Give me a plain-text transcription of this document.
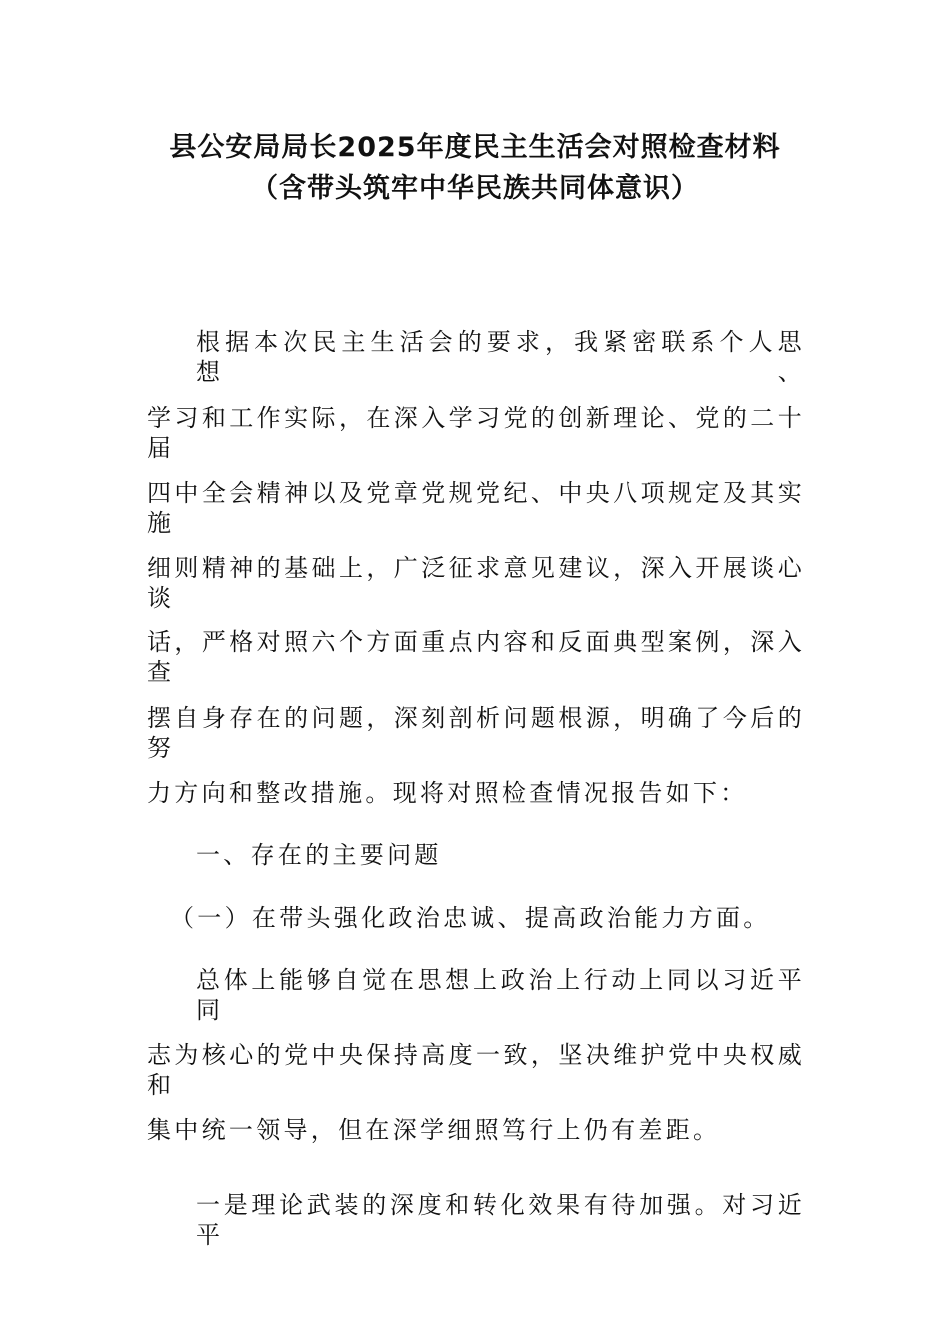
县公安局局长2025年度民主生活会对照检查材料
（含带头筑牢中华民族共同体意识）
根据本次民主生活会的要求，我紧密联系个人思想、
学习和工作实际，在深入学习党的创新理论、党的二十届
四中全会精神以及党章党规党纪、中央八项规定及其实施
细则精神的基础上，广泛征求意见建议，深入开展谈心谈
话，严格对照六个方面重点内容和反面典型案例，深入查
摆自身存在的问题，深刻剖析问题根源，明确了今后的努
力方向和整改措施。现将对照检查情况报告如下：
一、存在的主要问题
（一）在带头强化政治忠诚、提高政治能力方面。
总体上能够自觉在思想上政治上行动上同以习近平同
志为核心的党中央保持高度一致，坚决维护党中央权威和
集中统一领导，但在深学细照笃行上仍有差距。
一是理论武装的深度和转化效果有待加强。对习近平
